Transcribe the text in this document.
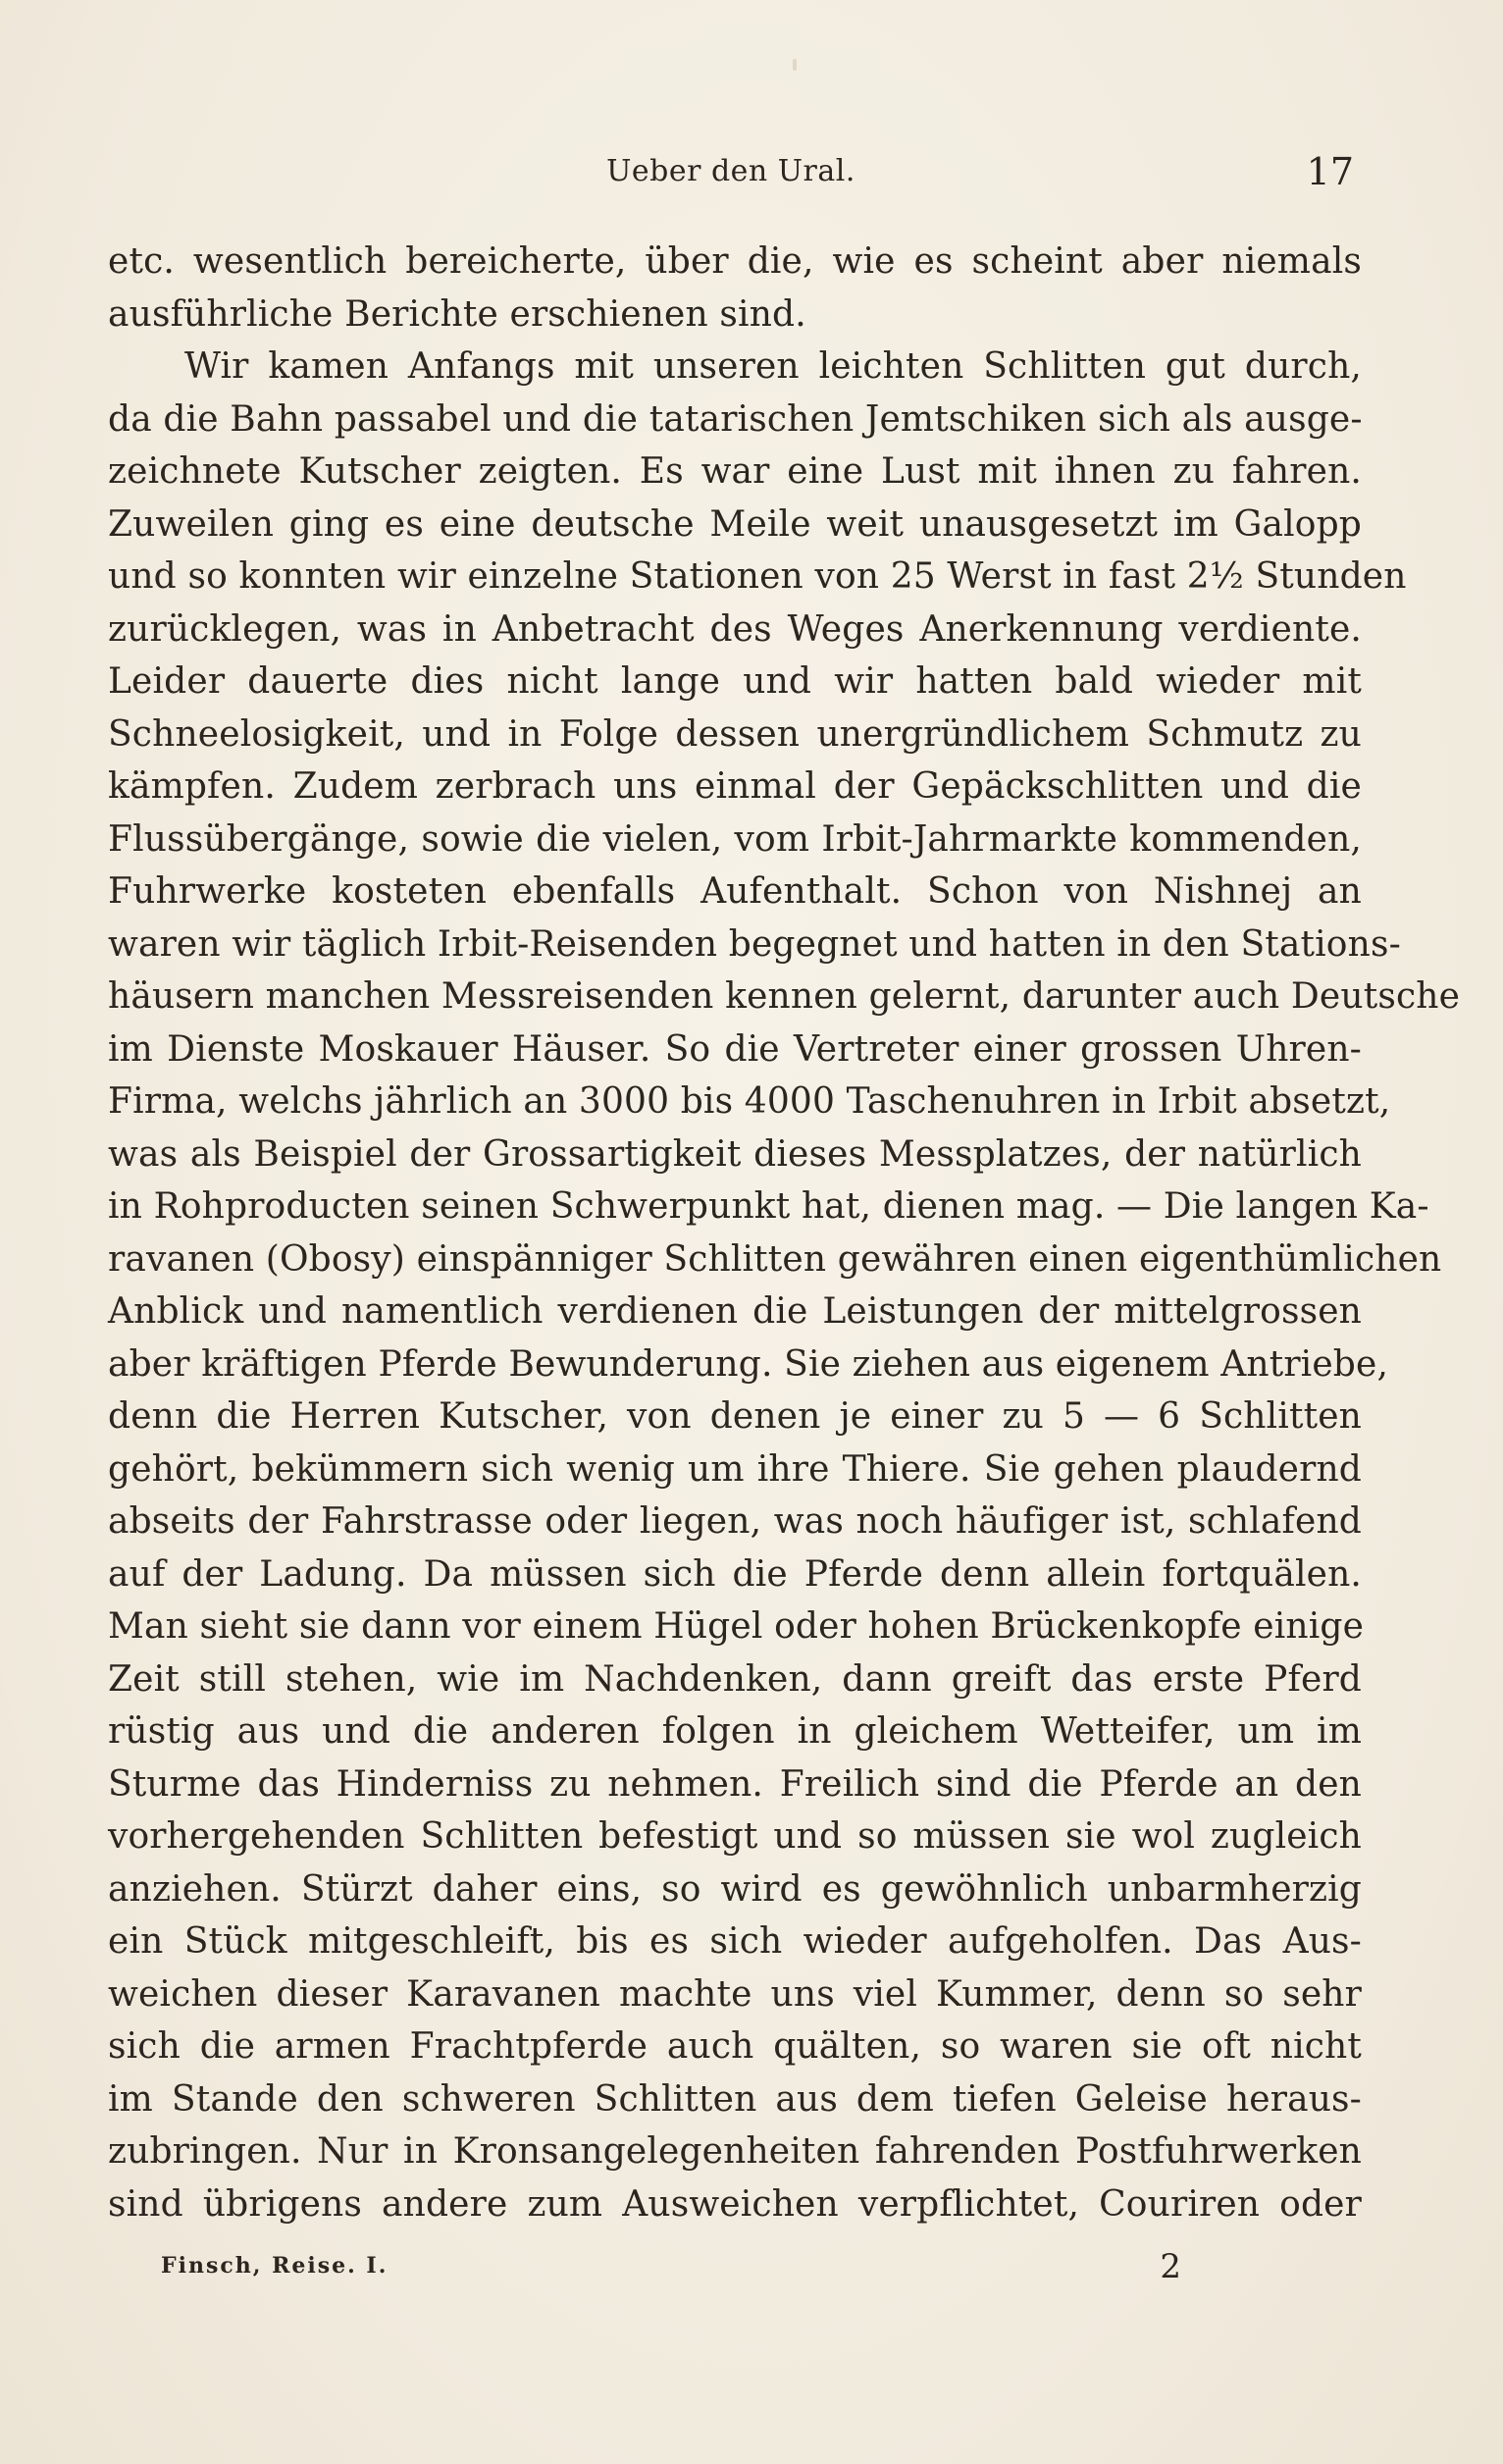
Ueber den Ural.	17
etc. wesentlich bereicherte, über die, wie es scheint aber niemals
ausführliche Berichte erschienen sind.
Wir kamen Anfangs mit unseren leichten Schlitten gut durch,
da die Bahn passabel und die tatarischen Jemtschiken sich als ausge-
zeichnete Kutscher zeigten. Es war eine Lust mit ihnen zu fahren.
Zuweilen ging es eine deutsche Meile weit unausgesetzt im Galopp
und so konnten wir einzelne Stationen von 25 Werst in fast 2½ Stunden
zurücklegen, was in Anbetracht des Weges Anerkennung verdiente.
Leider dauerte dies nicht lange und wir hatten bald wieder mit
Schneelosigkeit, und in Folge dessen unergründlichem Schmutz zu
kämpfen. Zudem zerbrach uns einmal der Gepäckschlitten und die
Flussübergänge, sowie die vielen, vom Irbit-Jahrmarkte kommenden,
Fuhrwerke kosteten ebenfalls Aufenthalt. Schon von Nishnej an
waren wir täglich Irbit-Reisenden begegnet und hatten in den Stations-
häusern manchen Messreisenden kennen gelernt, darunter auch Deutsche
im Dienste Moskauer Häuser. So die Vertreter einer grossen Uhren-
Firma, welchs jährlich an 3000 bis 4000 Taschenuhren in Irbit absetzt,
was als Beispiel der Grossartigkeit dieses Messplatzes, der natürlich
in Rohproducten seinen Schwerpunkt hat, dienen mag. — Die langen Ka-
ravanen (Obosy) einspänniger Schlitten gewähren einen eigenthümlichen
Anblick und namentlich verdienen die Leistungen der mittelgrossen
aber kräftigen Pferde Bewunderung. Sie ziehen aus eigenem Antriebe,
denn die Herren Kutscher, von denen je einer zu 5 — 6 Schlitten
gehört, bekümmern sich wenig um ihre Thiere. Sie gehen plaudernd
abseits der Fahrstrasse oder liegen, was noch häufiger ist, schlafend
auf der Ladung. Da müssen sich die Pferde denn allein fortquälen.
Man sieht sie dann vor einem Hügel oder hohen Brückenkopfe einige
Zeit still stehen, wie im Nachdenken, dann greift das erste Pferd
rüstig aus und die anderen folgen in gleichem Wetteifer, um im
Sturme das Hinderniss zu nehmen. Freilich sind die Pferde an den
vorhergehenden Schlitten befestigt und so müssen sie wol zugleich
anziehen. Stürzt daher eins, so wird es gewöhnlich unbarmherzig
ein Stück mitgeschleift, bis es sich wieder aufgeholfen. Das Aus-
weichen dieser Karavanen machte uns viel Kummer, denn so sehr
sich die armen Frachtpferde auch quälten, so waren sie oft nicht
im Stande den schweren Schlitten aus dem tiefen Geleise heraus-
zubringen. Nur in Kronsangelegenheiten fahrenden Postfuhrwerken
sind übrigens andere zum Ausweichen verpflichtet, Couriren oder
Finsch, Reise. I.	2
